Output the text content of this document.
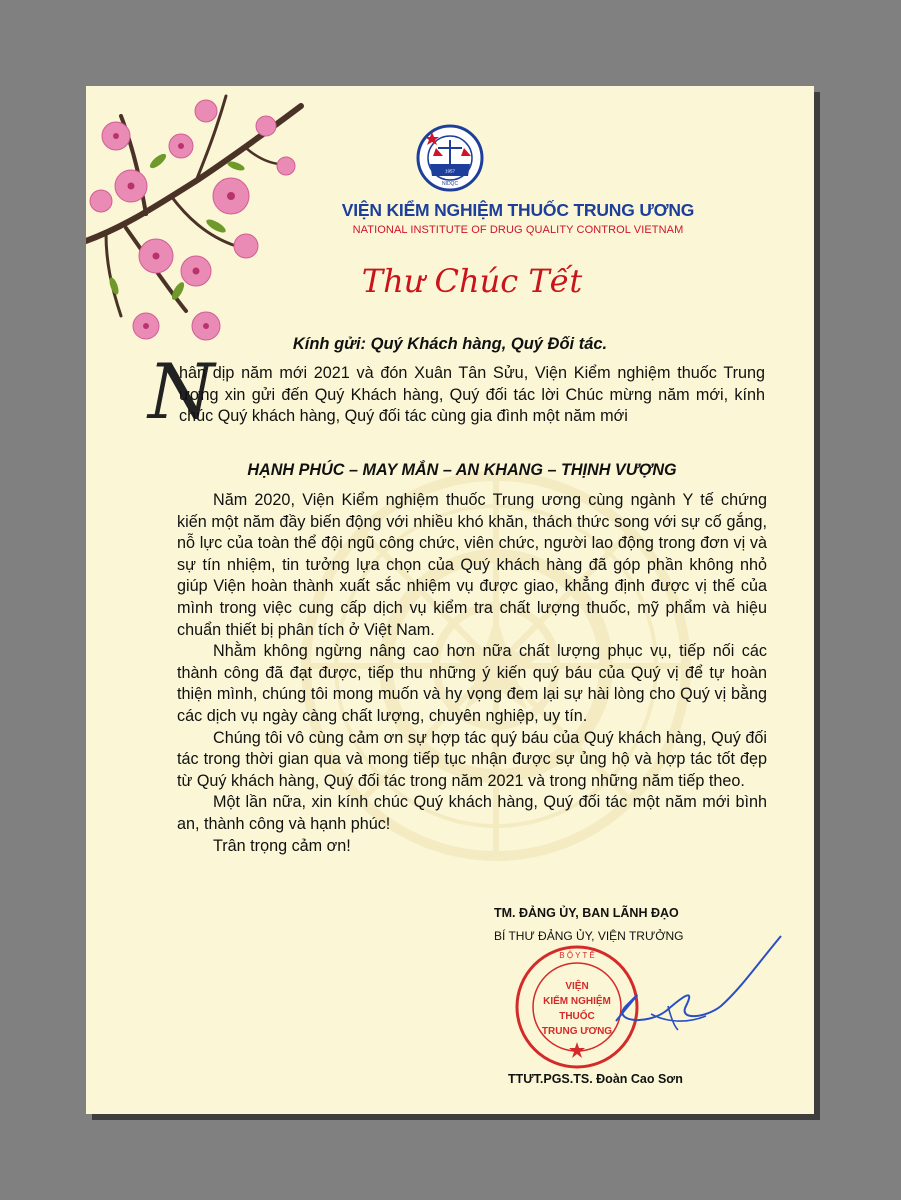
NIDQC
1957
VIỆN KIỂM NGHIỆM THUỐC TRUNG ƯƠNG
NATIONAL INSTITUTE OF DRUG QUALITY CONTROL VIETNAM
Thư Chúc Tết
Kính gửi: Quý Khách hàng, Quý Đối tác.
N
hân dịp năm mới 2021 và đón Xuân Tân Sửu, Viện Kiểm nghiệm thuốc Trung ương xin gửi đến Quý Khách hàng, Quý đối tác lời Chúc mừng năm mới, kính chúc Quý khách hàng, Quý đối tác cùng gia đình một năm mới
HẠNH PHÚC – MAY MẮN – AN KHANG – THỊNH VƯỢNG

Năm 2020, Viện Kiểm nghiệm thuốc Trung ương cùng ngành Y tế chứng kiến một năm đầy biến động với nhiều khó khăn, thách thức song với sự cố gắng, nỗ lực của toàn thể đội ngũ công chức, viên chức, người lao động trong đơn vị và sự tín nhiệm, tin tưởng lựa chọn của Quý khách hàng đã góp phần không nhỏ giúp Viện hoàn thành xuất sắc nhiệm vụ được giao, khẳng định được vị thế của mình trong việc cung cấp dịch vụ kiểm tra chất lượng thuốc, mỹ phẩm và hiệu chuẩn thiết bị phân tích ở Việt Nam.

Nhằm không ngừng nâng cao hơn nữa chất lượng phục vụ, tiếp nối các thành công đã đạt được, tiếp thu những ý kiến quý báu của Quý vị để tự hoàn thiện mình, chúng tôi mong muốn và hy vọng đem lại sự hài lòng cho Quý vị bằng các dịch vụ ngày càng chất lượng, chuyên nghiệp, uy tín.

Chúng tôi vô cùng cảm ơn sự hợp tác quý báu của Quý khách hàng, Quý đối tác trong thời gian qua và mong tiếp tục nhận được sự ủng hộ và hợp tác tốt đẹp từ Quý khách hàng, Quý đối tác trong năm 2021 và trong những năm tiếp theo.

Một lần nữa, xin kính chúc Quý khách hàng, Quý đối tác một năm mới bình an, thành công và hạnh phúc!

Trân trọng cảm ơn!

TM. ĐẢNG ỦY, BAN LÃNH ĐẠO
BÍ THƯ ĐẢNG ỦY, VIỆN TRƯỞNG
B Ộ Y T Ế
VIỆN
KIỂM NGHIỆM
THUỐC
TRUNG ƯƠNG
TTƯT.PGS.TS. Đoàn Cao Sơn
